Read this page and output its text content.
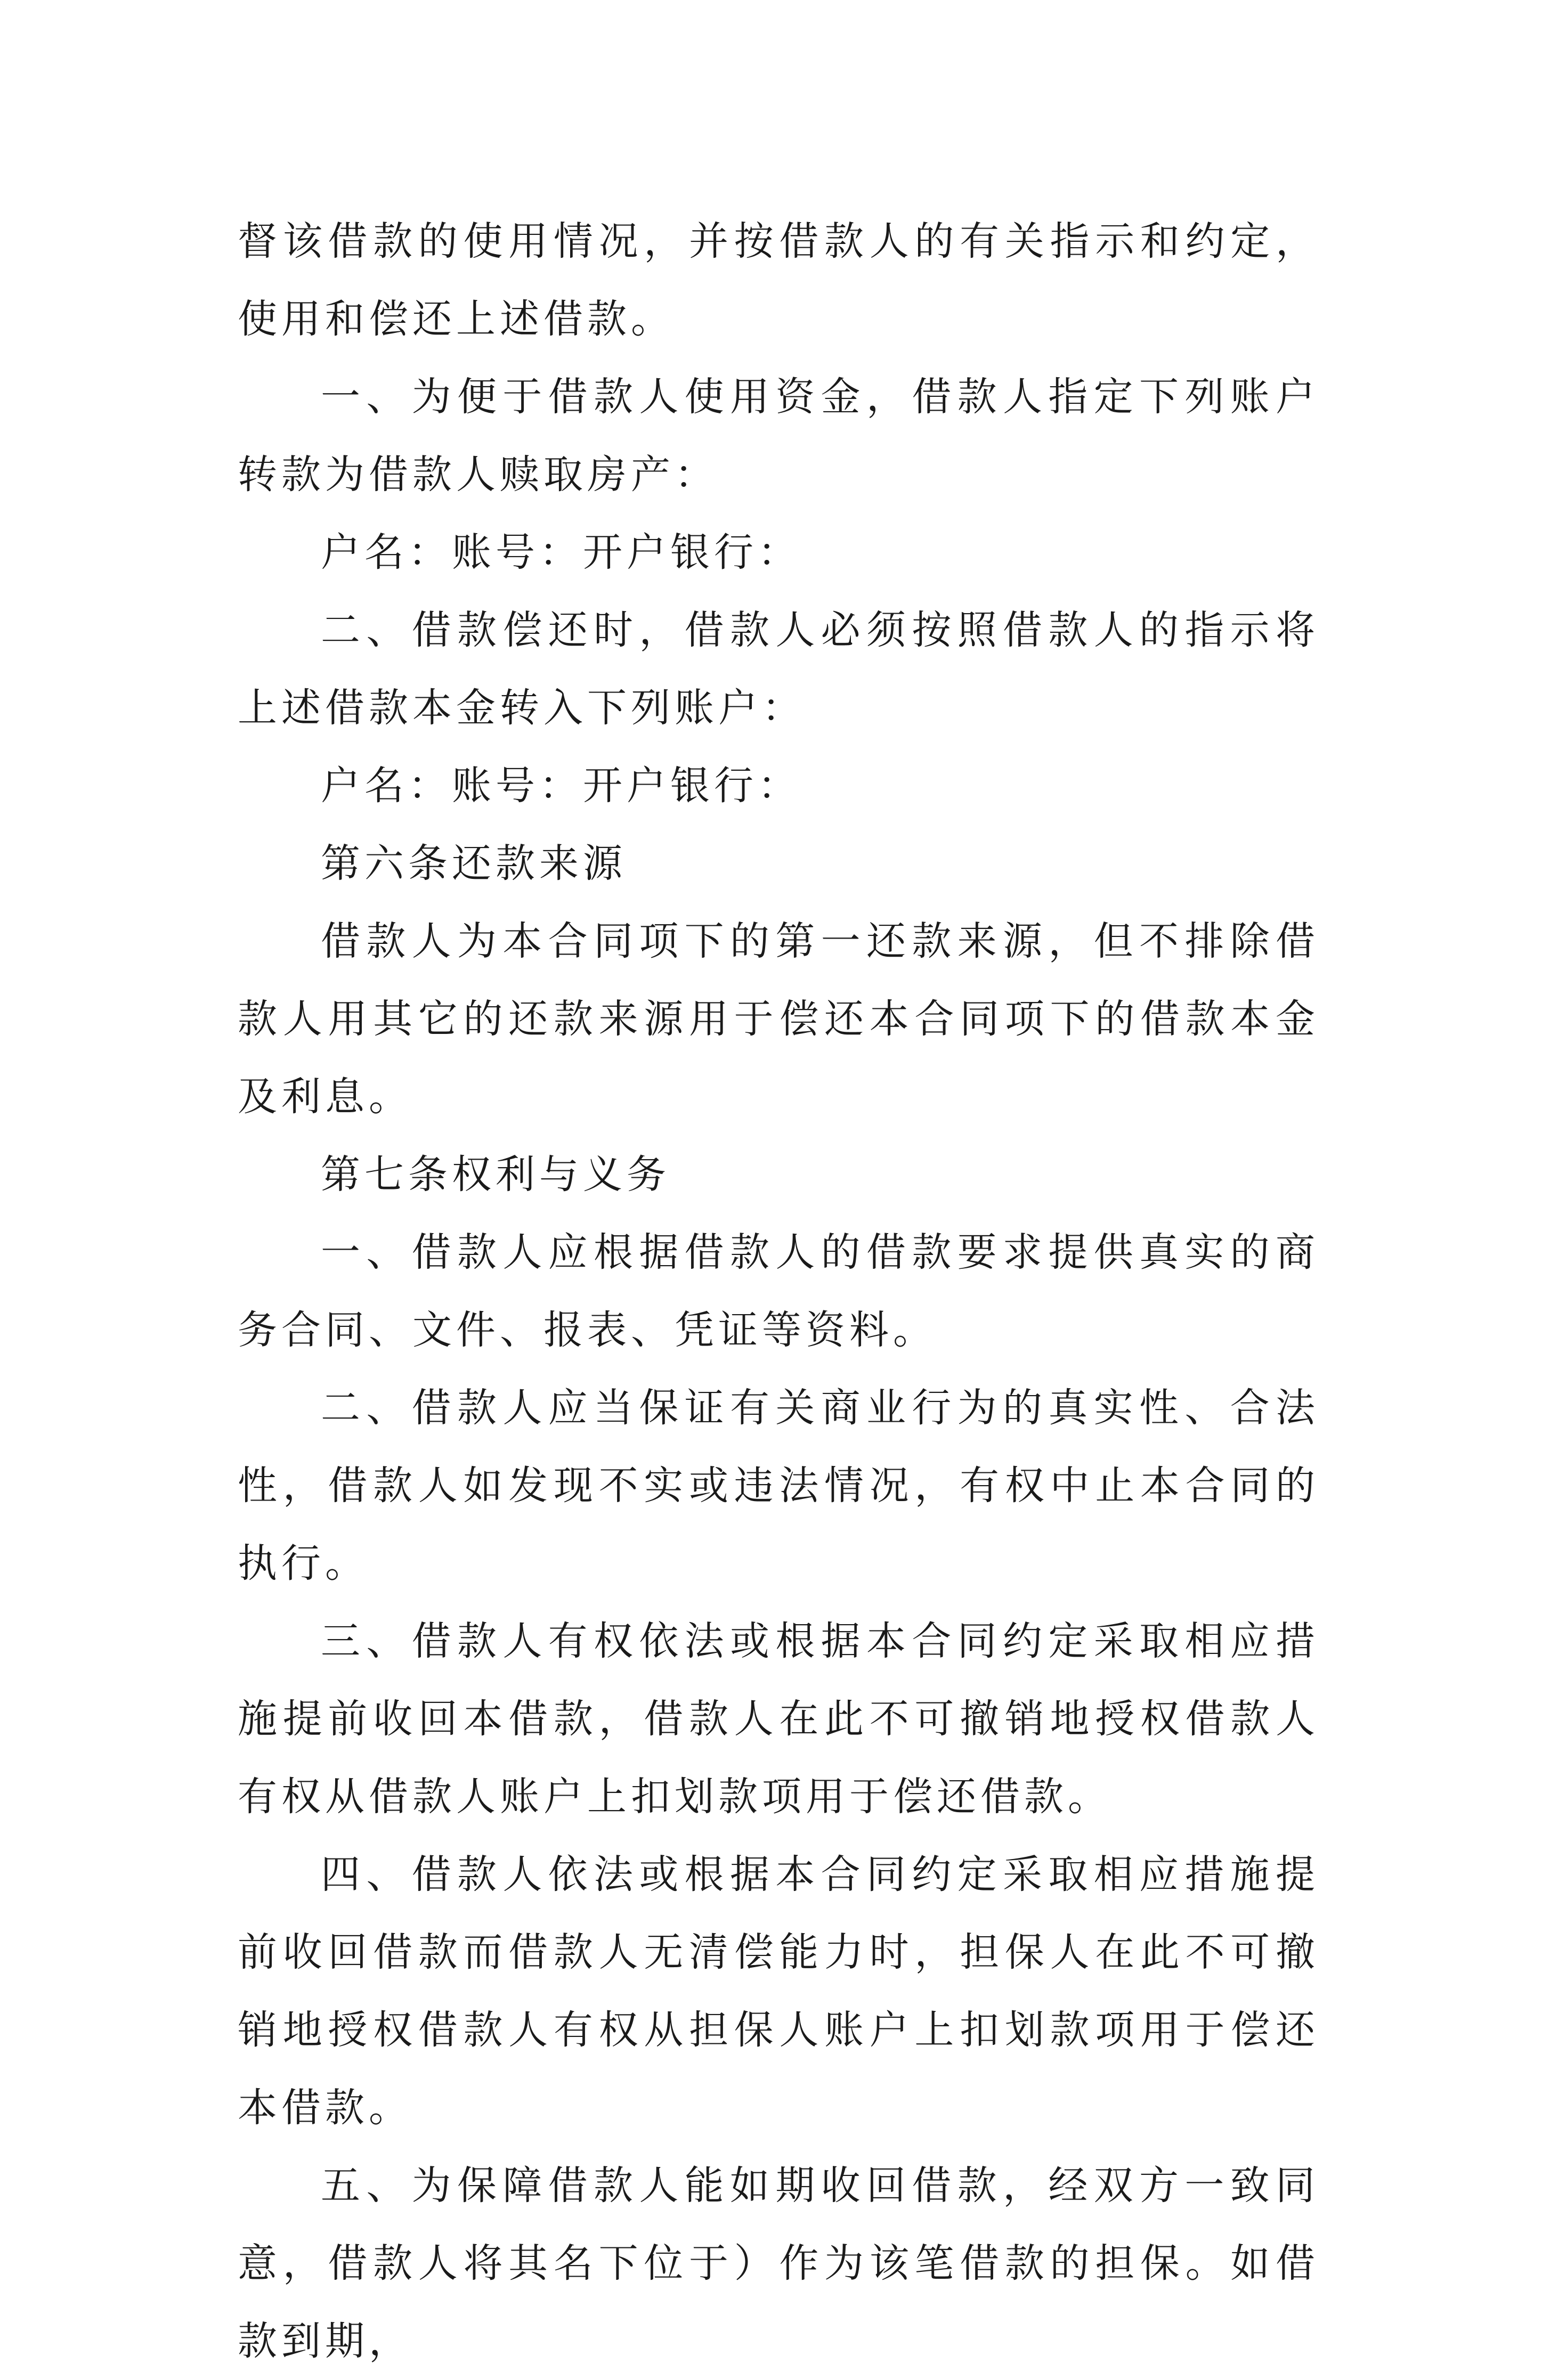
督该借款的使用情况，并按借款人的有关指示和约定，使用和偿还上述借款。

一、为便于借款人使用资金，借款人指定下列账户转款为借款人赎取房产：

户名：账号：开户银行：

二、借款偿还时，借款人必须按照借款人的指示将上述借款本金转入下列账户：

户名：账号：开户银行：

第六条还款来源

借款人为本合同项下的第一还款来源，但不排除借款人用其它的还款来源用于偿还本合同项下的借款本金及利息。

第七条权利与义务

一、借款人应根据借款人的借款要求提供真实的商务合同、文件、报表、凭证等资料。

二、借款人应当保证有关商业行为的真实性、合法性，借款人如发现不实或违法情况，有权中止本合同的执行。

三、借款人有权依法或根据本合同约定采取相应措施提前收回本借款，借款人在此不可撤销地授权借款人有权从借款人账户上扣划款项用于偿还借款。

四、借款人依法或根据本合同约定采取相应措施提前收回借款而借款人无清偿能力时，担保人在此不可撤销地授权借款人有权从担保人账户上扣划款项用于偿还本借款。

五、为保障借款人能如期收回借款，经双方一致同意，借款人将其名下位于）作为该笔借款的担保。如借款到期，
